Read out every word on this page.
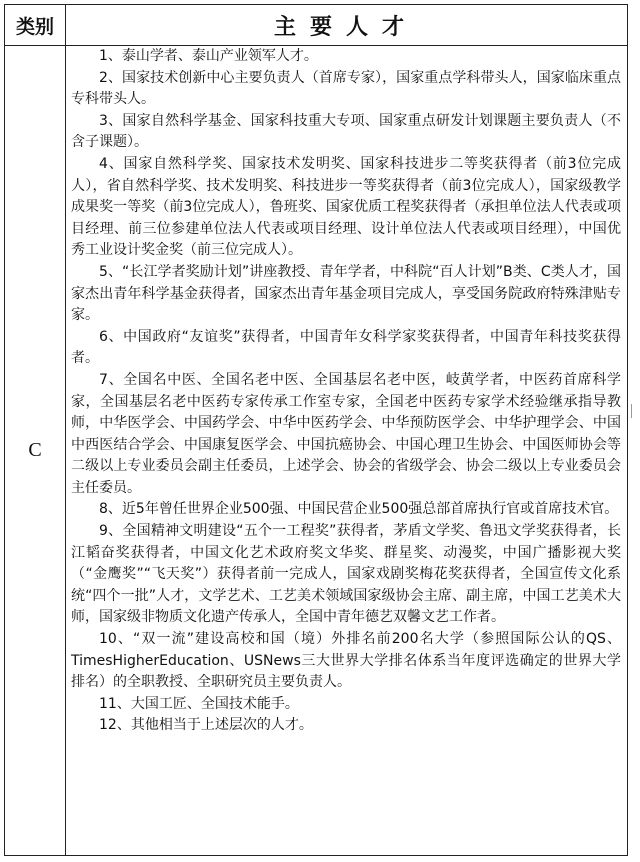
类别	主要人才
C

1、泰山学者、泰山产业领军人才。

2、国家技术创新中心主要负责人（首席专家），国家重点学科带头人，国家临床重点专科带头人。

3、国家自然科学基金、国家科技重大专项、国家重点研发计划课题主要负责人（不含子课题）。

4、国家自然科学奖、国家技术发明奖、国家科技进步二等奖获得者（前3位完成人），省自然科学奖、技术发明奖、科技进步一等奖获得者（前3位完成人），国家级教学成果奖一等奖（前3位完成人），鲁班奖、国家优质工程奖获得者（承担单位法人代表或项目经理、前三位参建单位法人代表或项目经理、设计单位法人代表或项目经理），中国优秀工业设计奖金奖（前三位完成人）。

5、“长江学者奖励计划”讲座教授、青年学者，中科院“百人计划”B类、C类人才，国家杰出青年科学基金获得者，国家杰出青年基金项目完成人，享受国务院政府特殊津贴专家。

6、中国政府“友谊奖”获得者，中国青年女科学家奖获得者，中国青年科技奖获得者。

7、全国名中医、全国名老中医、全国基层名老中医，岐黄学者，中医药首席科学家，全国基层名老中医药专家传承工作室专家，全国老中医药专家学术经验继承指导教师，中华医学会、中国药学会、中华中医药学会、中华预防医学会、中华护理学会、中国中西医结合学会、中国康复医学会、中国抗癌协会、中国心理卫生协会、中国医师协会等二级以上专业委员会副主任委员，上述学会、协会的省级学会、协会二级以上专业委员会主任委员。

8、近5年曾任世界企业500强、中国民营企业500强总部首席执行官或首席技术官。

9、全国精神文明建设“五个一工程奖”获得者，茅盾文学奖、鲁迅文学奖获得者，长江韬奋奖获得者，中国文化艺术政府奖文华奖、群星奖、动漫奖，中国广播影视大奖（“金鹰奖”“飞天奖”）获得者前一完成人，国家戏剧奖梅花奖获得者，全国宣传文化系统“四个一批”人才，文学艺术、工艺美术领域国家级协会主席、副主席，中国工艺美术大师，国家级非物质文化遗产传承人，全国中青年德艺双馨文艺工作者。

10、“双一流”建设高校和国（境）外排名前200名大学（参照国际公认的QS、TimesHigherEducation、USNews三大世界大学排名体系当年度评选确定的世界大学排名）的全职教授、全职研究员主要负责人。

11、大国工匠、全国技术能手。

12、其他相当于上述层次的人才。
